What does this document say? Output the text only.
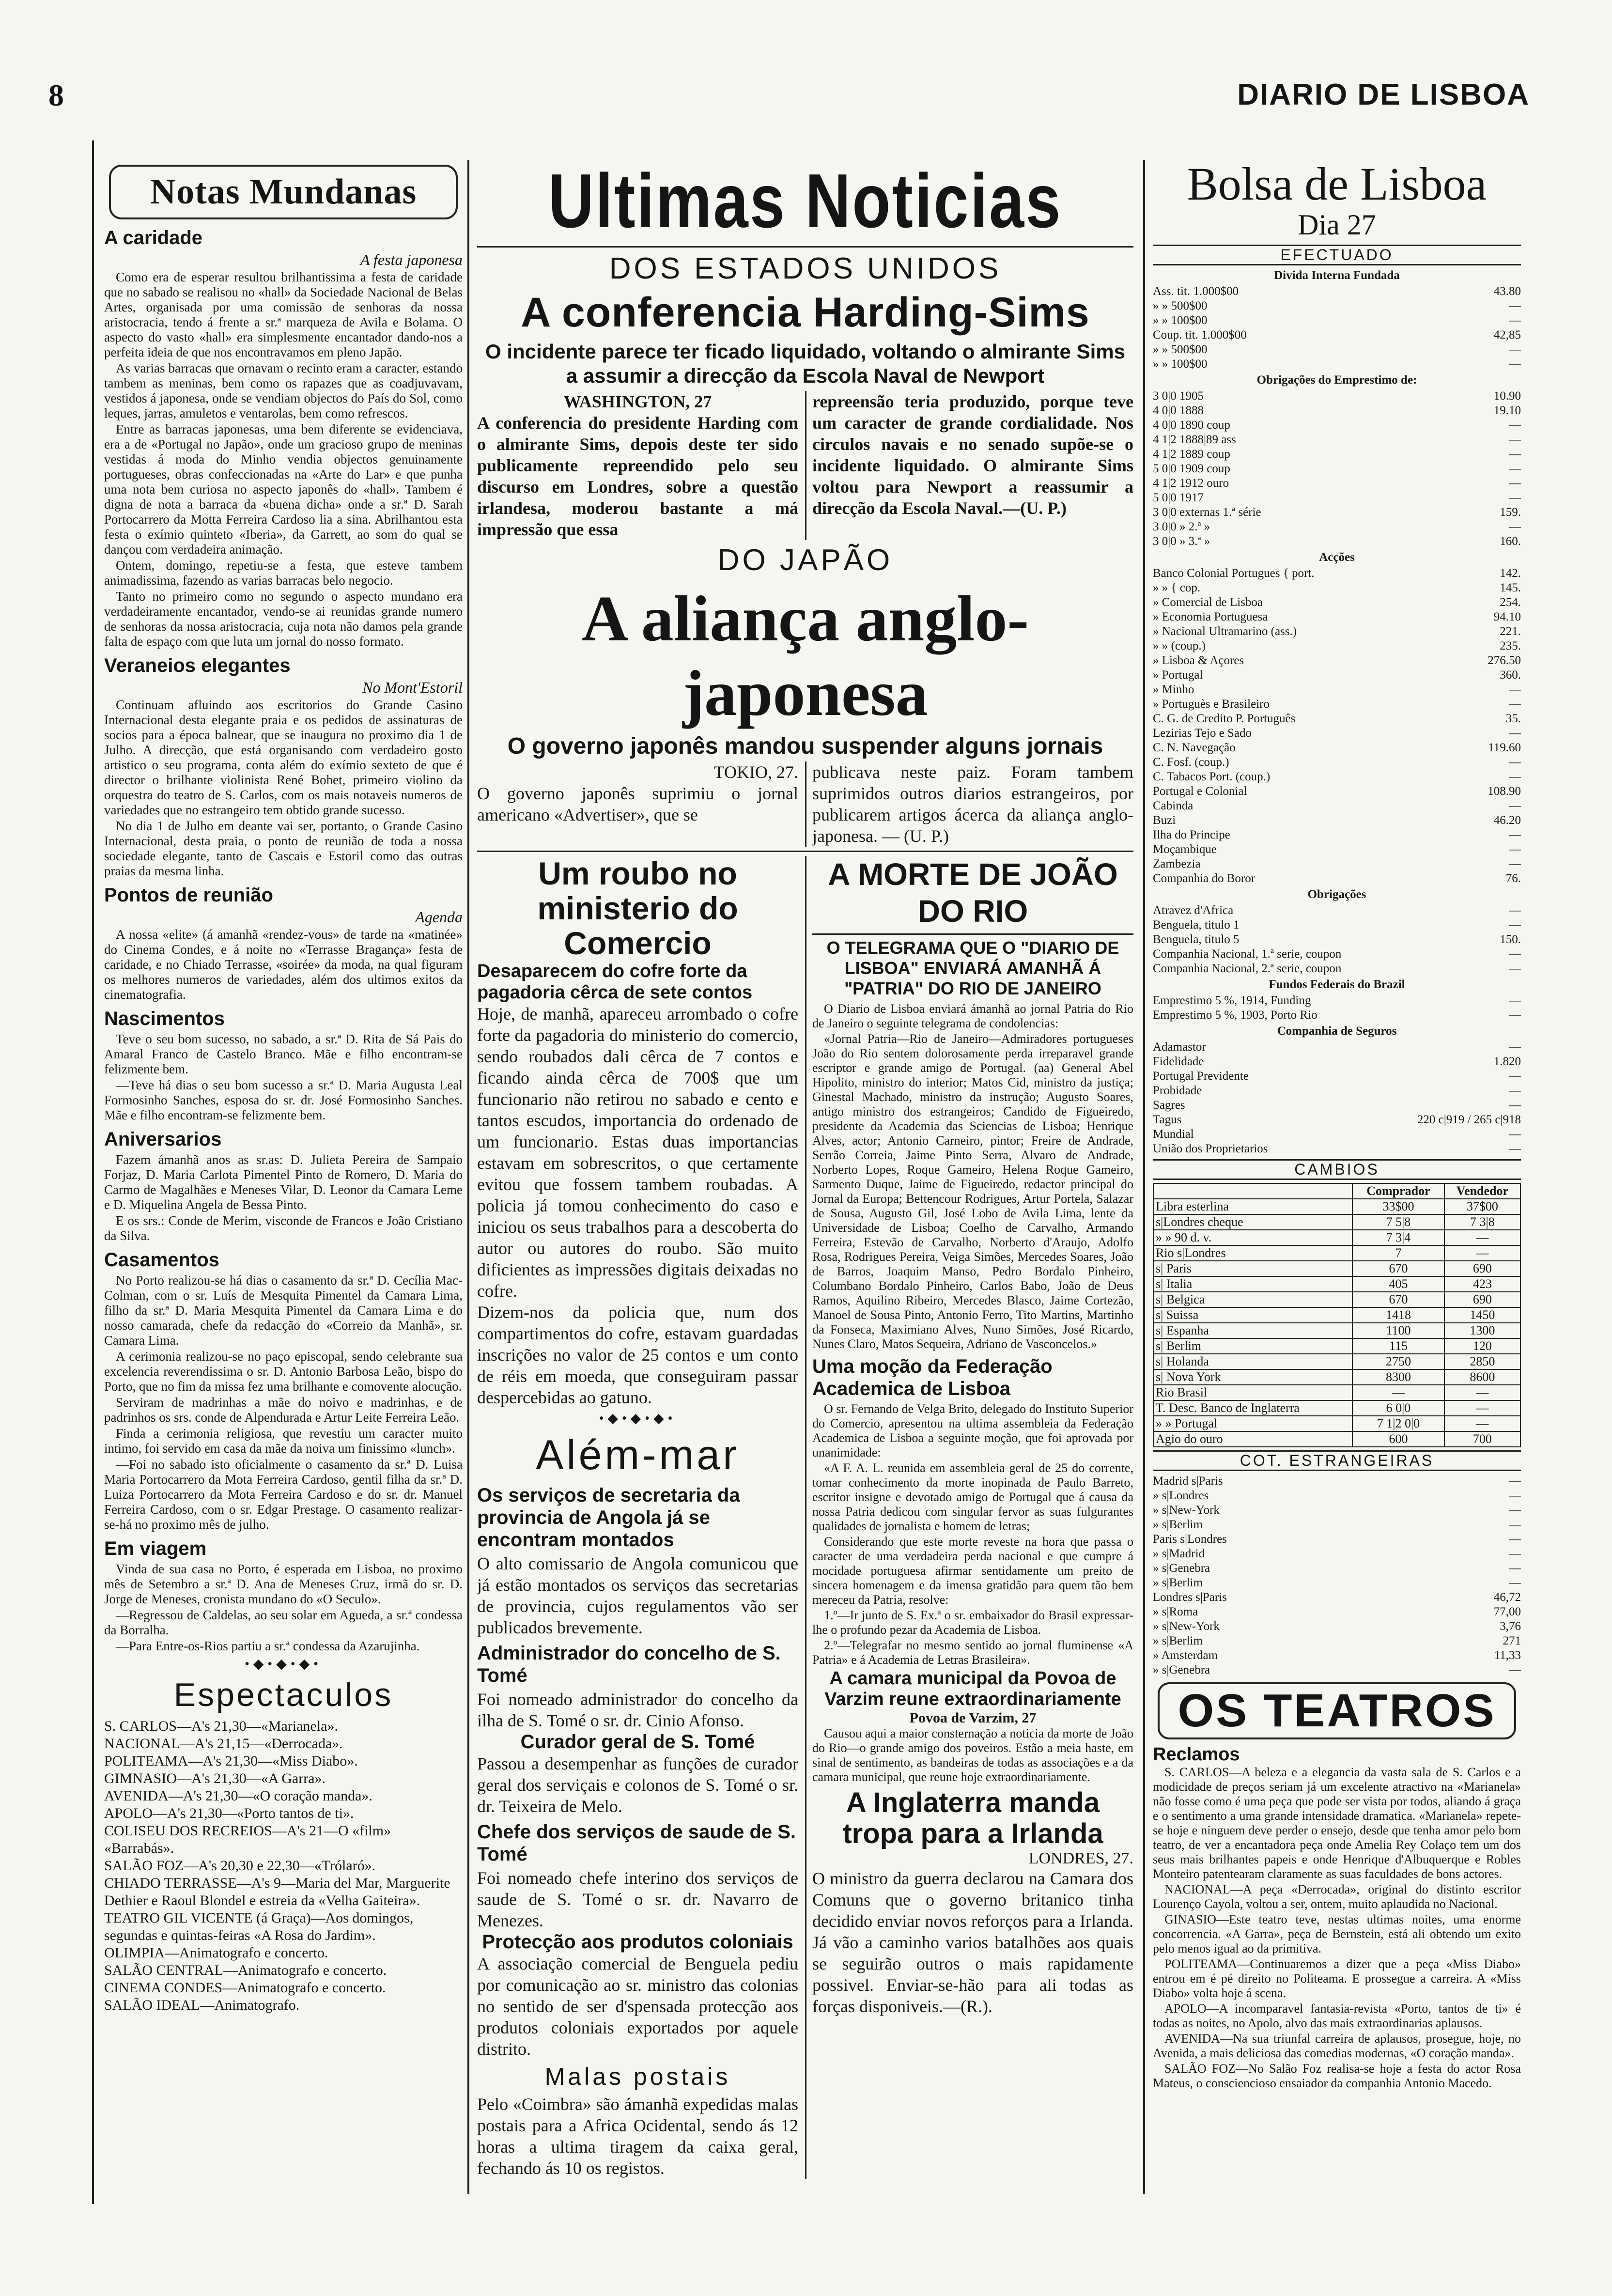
8	DIARIO DE LISBOA
Notas Mundanas
A caridade
A festa japonesa

Como era de esperar resultou brilhantissima a festa de caridade que no sabado se realisou no «hall» da Sociedade Nacional de Belas Artes, organisada por uma comissão de senhoras da nossa aristocracia, tendo á frente a sr.ª marqueza de Avila e Bolama. O aspecto do vasto «hall» era simplesmente encantador dando-nos a perfeita ideia de que nos encontravamos em pleno Japão.

As varias barracas que ornavam o recinto eram a caracter, estando tambem as meninas, bem como os rapazes que as coadjuvavam, vestidos á japonesa, onde se vendiam objectos do País do Sol, como leques, jarras, amuletos e ventarolas, bem como refrescos.

Entre as barracas japonesas, uma bem diferente se evidenciava, era a de «Portugal no Japão», onde um gracioso grupo de meninas vestidas á moda do Minho vendia objectos genuinamente portugueses, obras confeccionadas na «Arte do Lar» e que punha uma nota bem curiosa no aspecto japonês do «hall». Tambem é digna de nota a barraca da «buena dicha» onde a sr.ª D. Sarah Portocarrero da Motta Ferreira Cardoso lia a sina. Abrilhantou esta festa o exímio quinteto «Iberia», da Garrett, ao som do qual se dançou com verdadeira animação.

Ontem, domingo, repetiu-se a festa, que esteve tambem animadissima, fazendo as varias barracas belo negocio.

Tanto no primeiro como no segundo o aspecto mundano era verdadeiramente encantador, vendo-se ai reunidas grande numero de senhoras da nossa aristocracia, cuja nota não damos pela grande falta de espaço com que luta um jornal do nosso formato.

Veraneios elegantes
No Mont'Estoril

Continuam afluindo aos escritorios do Grande Casino Internacional desta elegante praia e os pedidos de assinaturas de socios para a época balnear, que se inaugura no proximo dia 1 de Julho. A direcção, que está organisando com verdadeiro gosto artistico o seu programa, conta além do exímio sexteto de que é director o brilhante violinista René Bohet, primeiro violino da orquestra do teatro de S. Carlos, com os mais notaveis numeros de variedades que no estrangeiro tem obtido grande sucesso.

No dia 1 de Julho em deante vai ser, portanto, o Grande Casino Internacional, desta praia, o ponto de reunião de toda a nossa sociedade elegante, tanto de Cascais e Estoril como das outras praias da mesma linha.

Pontos de reunião
Agenda

A nossa «elite» (á amanhã «rendez-vous» de tarde na «matinée» do Cinema Condes, e á noite no «Terrasse Bragança» festa de caridade, e no Chiado Terrasse, «soirée» da moda, na qual figuram os melhores numeros de variedades, além dos ultimos exitos da cinematografia.

Nascimentos

Teve o seu bom sucesso, no sabado, a sr.ª D. Rita de Sá Pais do Amaral Franco de Castelo Branco. Mãe e filho encontram-se felizmente bem.

—Teve há dias o seu bom sucesso a sr.ª D. Maria Augusta Leal Formosinho Sanches, esposa do sr. dr. José Formosinho Sanches. Mãe e filho encontram-se felizmente bem.

Aniversarios

Fazem ámanhã anos as sr.as: D. Julieta Pereira de Sampaio Forjaz, D. Maria Carlota Pimentel Pinto de Romero, D. Maria do Carmo de Magalhães e Meneses Vilar, D. Leonor da Camara Leme e D. Miquelina Angela de Bessa Pinto.

E os srs.: Conde de Merim, visconde de Francos e João Cristiano da Silva.

Casamentos

No Porto realizou-se há dias o casamento da sr.ª D. Cecília Mac-Colman, com o sr. Luís de Mesquita Pimentel da Camara Lima, filho da sr.ª D. Maria Mesquita Pimentel da Camara Lima e do nosso camarada, chefe da redacção do «Correio da Manhã», sr. Camara Lima.

A cerimonia realizou-se no paço episcopal, sendo celebrante sua excelencia reverendissima o sr. D. Antonio Barbosa Leão, bispo do Porto, que no fim da missa fez uma brilhante e comovente alocução.

Serviram de madrinhas a mãe do noivo e madrinhas, e de padrinhos os srs. conde de Alpendurada e Artur Leite Ferreira Leão.

Finda a cerimonia religiosa, que revestiu um caracter muito intimo, foi servido em casa da mãe da noiva um finissimo «lunch».

—Foi no sabado isto oficialmente o casamento da sr.ª D. Luisa Maria Portocarrero da Mota Ferreira Cardoso, gentil filha da sr.ª D. Luiza Portocarrero da Mota Ferreira Cardoso e do sr. dr. Manuel Ferreira Cardoso, com o sr. Edgar Prestage. O casamento realizar-se-há no proximo mês de julho.

Em viagem

Vinda de sua casa no Porto, é esperada em Lisboa, no proximo mês de Setembro a sr.ª D. Ana de Meneses Cruz, irmã do sr. D. Jorge de Meneses, cronista mundano do «O Seculo».

—Regressou de Caldelas, ao seu solar em Agueda, a sr.ª condessa da Borralha.

—Para Entre-os-Rios partiu a sr.ª condessa da Azarujinha.

•◆•◆•◆•
Espectaculos
S. CARLOS—A's 21,30—«Marianela».
NACIONAL—A's 21,15—«Derrocada».
POLITEAMA—A's 21,30—«Miss Diabo».
GIMNASIO—A's 21,30—«A Garra».
AVENIDA—A's 21,30—«O coração manda».
APOLO—A's 21,30—«Porto tantos de ti».
COLISEU DOS RECREIOS—A's 21—O «film» «Barrabás».
SALÃO FOZ—A's 20,30 e 22,30—«Trólaró».
CHIADO TERRASSE—A's 9—Maria del Mar, Marguerite Dethier e Raoul Blondel e estreia da «Velha Gaiteira».
TEATRO GIL VICENTE (á Graça)—Aos domingos, segundas e quintas-feiras «A Rosa do Jardim».
OLIMPIA—Animatografo e concerto.
SALÃO CENTRAL—Animatografo e concerto.
CINEMA CONDES—Animatografo e concerto.
SALÃO IDEAL—Animatografo.
Ultimas Noticias
DOS ESTADOS UNIDOS
A conferencia Harding-Sims
O incidente parece ter ficado liquidado, voltando o almirante Sims a assumir a direcção da Escola Naval de Newport
WASHINGTON, 27
A conferencia do presidente Harding com o almirante Sims, depois deste ter sido publicamente repreendido pelo seu discurso em Londres, sobre a questão irlandesa, moderou bastante a má impressão que essa
repreensão teria produzido, porque teve um caracter de grande cordialidade. Nos circulos navais e no senado supõe-se o incidente liquidado. O almirante Sims voltou para Newport a reassumir a direcção da Escola Naval.—(U. P.)
DO JAPÃO
A aliança anglo-japonesa
O governo japonês mandou suspender alguns jornais
TOKIO, 27.
O governo japonês suprimiu o jornal americano «Advertiser», que se
publicava neste paiz. Foram tambem suprimidos outros diarios estrangeiros, por publicarem artigos ácerca da aliança anglo-japonesa. — (U. P.)
Um roubo no ministerio do Comercio
Desaparecem do cofre forte da pagadoria cêrca de sete contos
Hoje, de manhã, apareceu arrombado o cofre forte da pagadoria do ministerio do comercio, sendo roubados dali cêrca de 7 contos e ficando ainda cêrca de 700$ que um funcionario não retirou no sabado e cento e tantos escudos, importancia do ordenado de um funcionario. Estas duas importancias estavam em sobrescritos, o que certamente evitou que fossem tambem roubadas. A policia já tomou conhecimento do caso e iniciou os seus trabalhos para a descoberta do autor ou autores do roubo. São muito dificientes as impressões digitais deixadas no cofre.
Dizem-nos da policia que, num dos compartimentos do cofre, estavam guardadas inscrições no valor de 25 contos e um conto de réis em moeda, que conseguiram passar despercebidas ao gatuno.
•◆•◆•◆•
Além-mar
Os serviços de secretaria da provincia de Angola já se encontram montados
O alto comissario de Angola comunicou que já estão montados os serviços das secretarias de provincia, cujos regulamentos vão ser publicados brevemente.
Administrador do concelho de S. Tomé
Foi nomeado administrador do concelho da ilha de S. Tomé o sr. dr. Cinio Afonso.
Curador geral de S. Tomé
Passou a desempenhar as funções de curador geral dos serviçais e colonos de S. Tomé o sr. dr. Teixeira de Melo.
Chefe dos serviços de saude de S. Tomé
Foi nomeado chefe interino dos serviços de saude de S. Tomé o sr. dr. Navarro de Menezes.
Protecção aos produtos coloniais
A associação comercial de Benguela pediu por comunicação ao sr. ministro das colonias no sentido de ser d'spensada protecção aos produtos coloniais exportados por aquele distrito.
Malas postais
Pelo «Coimbra» são ámanhã expedidas malas postais para a Africa Ocidental, sendo ás 12 horas a ultima tiragem da caixa geral, fechando ás 10 os registos.
A MORTE DE JOÃO DO RIO
O TELEGRAMA QUE O "DIARIO DE LISBOA" ENVIARÁ AMANHÃ Á "PATRIA" DO RIO DE JANEIRO

O Diario de Lisboa enviará ámanhã ao jornal Patria do Rio de Janeiro o seguinte telegrama de condolencias:

«Jornal Patria—Rio de Janeiro—Admiradores portugueses João do Rio sentem dolorosamente perda irreparavel grande escriptor e grande amigo de Portugal. (aa) General Abel Hipolito, ministro do interior; Matos Cid, ministro da justiça; Ginestal Machado, ministro da instrução; Augusto Soares, antigo ministro dos estrangeiros; Candido de Figueiredo, presidente da Academia das Sciencias de Lisboa; Henrique Alves, actor; Antonio Carneiro, pintor; Freire de Andrade, Serrão Correia, Jaime Pinto Serra, Alvaro de Andrade, Norberto Lopes, Roque Gameiro, Helena Roque Gameiro, Sarmento Duque, Jaime de Figueiredo, redactor principal do Jornal da Europa; Bettencour Rodrigues, Artur Portela, Salazar de Sousa, Augusto Gil, José Lobo de Avila Lima, lente da Universidade de Lisboa; Coelho de Carvalho, Armando Ferreira, Estevão de Carvalho, Norberto d'Araujo, Adolfo Rosa, Rodrigues Pereira, Veiga Simões, Mercedes Soares, João de Barros, Joaquim Manso, Pedro Bordalo Pinheiro, Columbano Bordalo Pinheiro, Carlos Babo, João de Deus Ramos, Aquilino Ribeiro, Mercedes Blasco, Jaime Cortezão, Manoel de Sousa Pinto, Antonio Ferro, Tito Martins, Martinho da Fonseca, Maximiano Alves, Nuno Simões, José Ricardo, Nunes Claro, Matos Sequeira, Adriano de Vasconcelos.»

Uma moção da Federação Academica de Lisboa

O sr. Fernando de Velga Brito, delegado do Instituto Superior do Comercio, apresentou na ultima assembleia da Federação Academica de Lisboa a seguinte moção, que foi aprovada por unanimidade:

«A F. A. L. reunida em assembleia geral de 25 do corrente, tomar conhecimento da morte inopinada de Paulo Barreto, escritor insigne e devotado amigo de Portugal que á causa da nossa Patria dedicou com singular fervor as suas fulgurantes qualidades de jornalista e homem de letras;

Considerando que este morte reveste na hora que passa o caracter de uma verdadeira perda nacional e que cumpre á mocidade portuguesa afirmar sentidamente um preito de sincera homenagem e da imensa gratidão para quem tão bem mereceu da Patria, resolve:

1.º—Ir junto de S. Ex.ª o sr. embaixador do Brasil expressar-lhe o profundo pezar da Academia de Lisboa.

2.º—Telegrafar no mesmo sentido ao jornal fluminense «A Patria» e á Academia de Letras Brasileira».

A camara municipal da Povoa de Varzim reune extraordinariamente
Povoa de Varzim, 27

Causou aqui a maior consternação a noticia da morte de João do Rio—o grande amigo dos poveiros. Estão a meia haste, em sinal de sentimento, as bandeiras de todas as associações e a da camara municipal, que reune hoje extraordinariamente.

A Inglaterra manda tropa para a Irlanda
LONDRES, 27.
O ministro da guerra declarou na Camara dos Comuns que o governo britanico tinha decidido enviar novos reforços para a Irlanda. Já vão a caminho varios batalhões aos quais se seguirão outros o mais rapidamente possivel. Enviar-se-hão para ali todas as forças disponiveis.—(R.).
Bolsa de Lisboa
Dia 27
EFECTUADO
Divida Interna Fundada
Ass. tit. 1.000$00	43.80
» » 500$00	—
» » 100$00	—
Coup. tit. 1.000$00	42,85
» » 500$00	—
» » 100$00	—
Obrigações do Emprestimo de:
3 0|0 1905	10.90
4 0|0 1888	19.10
4 0|0 1890 coup	—
4 1|2 1888|89 ass	—
4 1|2 1889 coup	—
5 0|0 1909 coup	—
4 1|2 1912 ouro	—
5 0|0 1917	—
3 0|0 externas 1.ª série	159.
3 0|0 » 2.ª »	—
3 0|0 » 3.ª »	160.
Acções
Banco Colonial Portugues { port.	142.
» » { cop.	145.
» Comercial de Lisboa	254.
» Economia Portuguesa	94.10
» Nacional Ultramarino (ass.)	221.
» » (coup.)	235.
» Lisboa & Açores	276.50
» Portugal	360.
» Minho	—
» Portuguès e Brasileiro	—
C. G. de Credito P. Português	35.
Lezirias Tejo e Sado	—
C. N. Navegação	119.60
C. Fosf. (coup.)	—
C. Tabacos Port. (coup.)	—
Portugal e Colonial	108.90
Cabinda	—
Buzi	46.20
Ilha do Principe	—
Moçambique	—
Zambezia	—
Companhia do Boror	76.
Obrigações
Atravez d'Africa	—
Benguela, titulo 1	—
Benguela, titulo 5	150.
Companhia Nacional, 1.ª serie, coupon	—
Companhia Nacional, 2.ª serie, coupon	—
Fundos Federais do Brazil
Emprestimo 5 %, 1914, Funding	—
Emprestimo 5 %, 1903, Porto Rio	—
Companhia de Seguros
Adamastor	—
Fidelidade	1.820
Portugal Previdente	—
Probidade	—
Sagres	—
Tagus	220 c|919 / 265 c|918
Mundial	—
União dos Proprietarios	—
CAMBIOS
	Comprador	Vendedor
Libra esterlina	33$00	37$00
s|Londres cheque	7 5|8	7 3|8
» » 90 d. v.	7 3|4	—
Rio s|Londres	7	—
s| Paris	670	690
s| Italia	405	423
s| Belgica	670	690
s| Suissa	1418	1450
s| Espanha	1100	1300
s| Berlim	115	120
s| Holanda	2750	2850
s| Nova York	8300	8600
Rio Brasil	—	—
T. Desc. Banco de Inglaterra	6 0|0	—
» » Portugal	7 1|2 0|0	—
Agio do ouro	600	700
COT. ESTRANGEIRAS
Madrid s|Paris	—
» s|Londres	—
» s|New-York	—
» s|Berlim	—
Paris s|Londres	—
» s|Madrid	—
» s|Genebra	—
» s|Berlim	—
Londres s|Paris	46,72
» s|Roma	77,00
» s|New-York	3,76
» s|Berlim	271
» Amsterdam	11,33
» s|Genebra	—
OS TEATROS
Reclamos

S. CARLOS—A beleza e a elegancia da vasta sala de S. Carlos e a modicidade de preços seriam já um excelente atractivo na «Marianela» não fosse como é uma peça que pode ser vista por todos, aliando á graça e o sentimento a uma grande intensidade dramatica. «Marianela» repete-se hoje e ninguem deve perder o ensejo, desde que tenha amor pelo bom teatro, de ver a encantadora peça onde Amelia Rey Colaço tem um dos seus mais brilhantes papeis e onde Henrique d'Albuquerque e Robles Monteiro patentearam claramente as suas faculdades de bons actores.

NACIONAL—A peça «Derrocada», original do distinto escritor Lourenço Cayola, voltou a ser, ontem, muito aplaudida no Nacional.

GINASIO—Este teatro teve, nestas ultimas noites, uma enorme concorrencia. «A Garra», peça de Bernstein, está ali obtendo um exito pelo menos igual ao da primitiva.

POLITEAMA—Continuaremos a dizer que a peça «Miss Diabo» entrou em é pé direito no Politeama. E prossegue a carreira. A «Miss Diabo» volta hoje á scena.

APOLO—A incomparavel fantasia-revista «Porto, tantos de ti» é todas as noites, no Apolo, alvo das mais extraordinarias aplausos.

AVENIDA—Na sua triunfal carreira de aplausos, prosegue, hoje, no Avenida, a mais deliciosa das comedias modernas, «O coração manda».

SALÃO FOZ—No Salão Foz realisa-se hoje a festa do actor Rosa Mateus, o consciencioso ensaiador da companhia Antonio Macedo.
